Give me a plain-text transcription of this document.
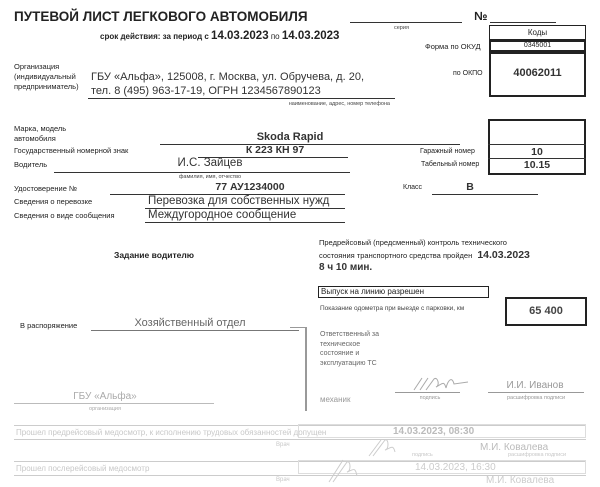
ПУТЕВОЙ ЛИСТ ЛЕГКОВОГО АВТОМОБИЛЯ
срок действия: за период с 14.03.2023 по 14.03.2023
серия
№
Коды
Форма по ОКУД	0345001
по ОКПО	40062011
Организация
(индивидуальный
предприниматель)
ГБУ «Альфа», 125008, г. Москва, ул. Обручева, д. 20,
тел. 8 (495) 963-17-19, ОГРН 1234567890123
наименование, адрес, номер телефона
Марка, модель
автомобиля	Skoda Rapid
Государственный номерной знак	К 223 КН 97	Гаражный номер	10
Табельный номер	10.15
Водитель	И.С. Зайцев
фамилия, имя, отчество
Удостоверение №	77 АУ1234000	Класс	В
Сведения о перевозке	Перевозка для собственных нужд
Сведения о виде сообщения	Междугородное сообщение
Задание водителю
В распоряжение	Хозяйственный отдел
ГБУ «Альфа»
организация
Предрейсовый (предсменный) контроль технического
состояния транспортного средства пройден 14.03.2023
8 ч 10 мин.
Выпуск на линию разрешен
Показание одометра при выезде с парковки, км	65 400
Ответственный за
техническое
состояние и
эксплуатацию ТС
механик	подпись
И.И. Иванов
расшифровка подписи
Прошел предрейсовый медосмотр, к исполнению трудовых обязанностей допущен	14.03.2023, 08:30
Врач	М.И. Ковалева
подпись	расшифровка подписи
Прошел послерейсовый медосмотр	14.03.2023, 16:30
Врач	М.И. Ковалева
